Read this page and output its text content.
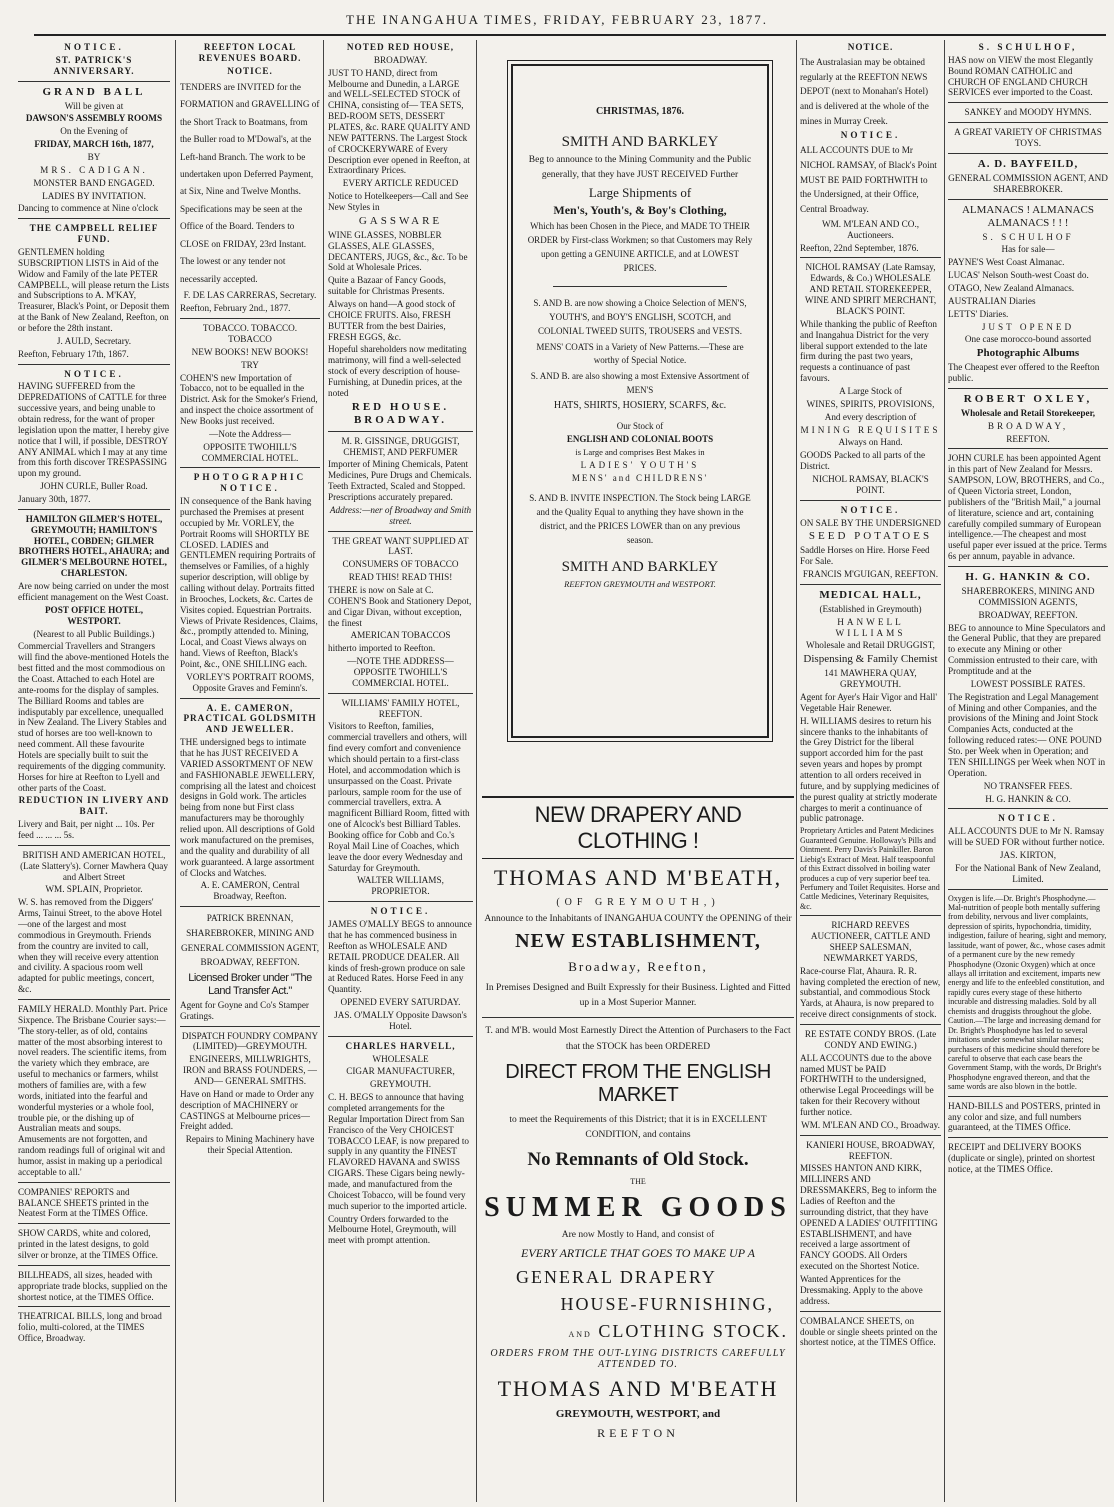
THE INANGAHUA TIMES, FRIDAY, FEBRUARY 23, 1877.

NOTICE.

ST. PATRICK'S ANNIVERSARY.

GRAND BALL

Will be given at

DAWSON'S ASSEMBLY ROOMS

On the Evening of

FRIDAY, MARCH 16th, 1877,

BY

MRS. CADIGAN.

MONSTER BAND ENGAGED.

LADIES BY INVITATION.

Dancing to commence at Nine o'clock

THE CAMPBELL RELIEF FUND.

GENTLEMEN holding SUBSCRIPTION LISTS in Aid of the Widow and Family of the late PETER CAMPBELL, will please return the Lists and Subscriptions to A. M'KAY, Treasurer, Black's Point, or Deposit them at the Bank of New Zealand, Reefton, on or before the 28th instant.

J. AULD, Secretary.

Reefton, February 17th, 1867.

NOTICE.

HAVING SUFFERED from the DEPREDATIONS of CATTLE for three successive years, and being unable to obtain redress, for the want of proper legislation upon the matter, I hereby give notice that I will, if possible, DESTROY ANY ANIMAL which I may at any time from this forth discover TRESPASSING upon my ground.

JOHN CURLE, Buller Road.

January 30th, 1877.

HAMILTON GILMER'S HOTEL, GREYMOUTH; HAMILTON'S HOTEL, COBDEN; GILMER BROTHERS HOTEL, AHAURA; and GILMER'S MELBOURNE HOTEL, CHARLESTON.

Are now being carried on under the most efficient management on the West Coast.

POST OFFICE HOTEL, WESTPORT.

(Nearest to all Public Buildings.)

Commercial Travellers and Strangers will find the above-mentioned Hotels the best fitted and the most commodious on the Coast. Attached to each Hotel are ante-rooms for the display of samples. The Billiard Rooms and tables are indisputably par excellence, unequalled in New Zealand. The Livery Stables and stud of horses are too well-known to need comment. All these favourite Hotels are specially built to suit the requirements of the digging community. Horses for hire at Reefton to Lyell and other parts of the Coast.

REDUCTION IN LIVERY AND BAIT.

Livery and Bait, per night ... 10s. Per feed ... ... ... 5s.

BRITISH AND AMERICAN HOTEL, (Late Slattery's). Corner Mawhera Quay and Albert Street

WM. SPLAIN, Proprietor.

W. S. has removed from the Diggers' Arms, Tainui Street, to the above Hotel—one of the largest and most commodious in Greymouth. Friends from the country are invited to call, when they will receive every attention and civility. A spacious room well adapted for public meetings, concert, &c.

FAMILY HERALD. Monthly Part. Price Sixpence. The Brisbane Courier says:— 'The story-teller, as of old, contains matter of the most absorbing interest to novel readers. The scientific items, from the variety which they embrace, are useful to mechanics or farmers, whilst mothers of families are, with a few words, initiated into the fearful and wonderful mysteries or a whole fool, trouble pie, or the dishing up of Australian meats and soups. Amusements are not forgotten, and random readings full of original wit and humor, assist in making up a periodical acceptable to all.'

COMPANIES' REPORTS and BALANCE SHEETS printed in the Neatest Form at the TIMES Office.

SHOW CARDS, white and colored, printed in the latest designs, to gold silver or bronze, at the TIMES Office.

BILLHEADS, all sizes, headed with appropriate trade blocks, supplied on the shortest notice, at the TIMES Office.

THEATRICAL BILLS, long and broad folio, multi-colored, at the TIMES Office, Broadway.

REEFTON LOCAL REVENUES BOARD.

NOTICE.

TENDERS are INVITED for the FORMATION and GRAVELLING of the Short Track to Boatmans, from the Buller road to M'Dowal's, at the Left-hand Branch. The work to be undertaken upon Deferred Payment, at Six, Nine and Twelve Months. Specifications may be seen at the Office of the Board. Tenders to CLOSE on FRIDAY, 23rd Instant. The lowest or any tender not necessarily accepted.

F. DE LAS CARRERAS, Secretary.

Reefton, February 2nd., 1877.

TOBACCO. TOBACCO. TOBACCO

NEW BOOKS! NEW BOOKS!

TRY

COHEN'S new Importation of Tobacco, not to be equalled in the District. Ask for the Smoker's Friend, and inspect the choice assortment of New Books just received.

—Note the Address—

OPPOSITE TWOHILL'S COMMERCIAL HOTEL.

PHOTOGRAPHIC NOTICE.

IN consequence of the Bank having purchased the Premises at present occupied by Mr. VORLEY, the Portrait Rooms will SHORTLY BE CLOSED. LADIES and GENTLEMEN requiring Portraits of themselves or Families, of a highly superior description, will oblige by calling without delay. Portraits fitted in Brooches, Lockets, &c. Cartes de Visites copied. Equestrian Portraits. Views of Private Residences, Claims, &c., promptly attended to. Mining, Local, and Coast Views always on hand. Views of Reefton, Black's Point, &c., ONE SHILLING each.

VORLEY'S PORTRAIT ROOMS, Opposite Graves and Feminn's.

A. E. CAMERON, PRACTICAL GOLDSMITH AND JEWELLER.

THE undersigned begs to intimate that he has JUST RECEIVED A VARIED ASSORTMENT OF NEW and FASHIONABLE JEWELLERY, comprising all the latest and choicest designs in Gold work. The articles being from none but First class manufacturers may be thoroughly relied upon. All descriptions of Gold work manufactured on the premises, and the quality and durability of all work guaranteed. A large assortment of Clocks and Watches.

A. E. CAMERON, Central Broadway, Reefton.

PATRICK BRENNAN, SHAREBROKER, MINING AND GENERAL COMMISSION AGENT, BROADWAY, REEFTON.

Licensed Broker under "The Land Transfer Act."

Agent for Goyne and Co's Stamper Gratings.

DISPATCH FOUNDRY COMPANY (LIMITED)—GREYMOUTH.

ENGINEERS, MILLWRIGHTS, IRON and BRASS FOUNDERS, —AND— GENERAL SMITHS.

Have on Hand or made to Order any description of MACHINERY or CASTINGS at Melbourne prices—Freight added.

Repairs to Mining Machinery have their Special Attention.

NOTED RED HOUSE,

BROADWAY.

JUST TO HAND, direct from Melbourne and Dunedin, a LARGE and WELL-SELECTED STOCK of CHINA, consisting of— TEA SETS, BED-ROOM SETS, DESSERT PLATES, &c. RARE QUALITY AND NEW PATTERNS. The Largest Stock of CROCKERYWARE of Every Description ever opened in Reefton, at Extraordinary Prices.

EVERY ARTICLE REDUCED

Notice to Hotelkeepers—Call and See New Styles in

GASSWARE

WINE GLASSES, NOBBLER GLASSES, ALE GLASSES, DECANTERS, JUGS, &c., &c. To be Sold at Wholesale Prices.

Quite a Bazaar of Fancy Goods, suitable for Christmas Presents.

Always on hand—A good stock of CHOICE FRUITS. Also, FRESH BUTTER from the best Dairies, FRESH EGGS, &c.

Hopeful shareholders now meditating matrimony, will find a well-selected stock of every description of house-Furnishing, at Dunedin prices, at the noted

RED HOUSE. BROADWAY.

M. R. GISSINGE, DRUGGIST, CHEMIST, AND PERFUMER

Importer of Mining Chemicals, Patent Medicines, Pure Drugs and Chemicals. Teeth Extracted, Scaled and Stopped. Prescriptions accurately prepared.

Address:—ner of Broadway and Smith street.

THE GREAT WANT SUPPLIED AT LAST.

CONSUMERS OF TOBACCO

READ THIS! READ THIS!

THERE is now on Sale at C. COHEN'S Book and Stationery Depot, and Cigar Divan, without exception, the finest

AMERICAN TOBACCOS

hitherto imported to Reefton.

—NOTE THE ADDRESS— OPPOSITE TWOHILL'S COMMERCIAL HOTEL.

WILLIAMS' FAMILY HOTEL, REEFTON.

Visitors to Reefton, families, commercial travellers and others, will find every comfort and convenience which should pertain to a first-class Hotel, and accommodation which is unsurpassed on the Coast. Private parlours, sample room for the use of commercial travellers, extra. A magnificent Billiard Room, fitted with one of Alcock's best Billiard Tables. Booking office for Cobb and Co.'s Royal Mail Line of Coaches, which leave the door every Wednesday and Saturday for Greymouth.

WALTER WILLIAMS, PROPRIETOR.

NOTICE.

JAMES O'MALLY BEGS to announce that he has commenced business in Reefton as WHOLESALE AND RETAIL PRODUCE DEALER. All kinds of fresh-grown produce on sale at Reduced Rates. Horse Feed in any Quantity.

OPENED EVERY SATURDAY.

JAS. O'MALLY Opposite Dawson's Hotel.

CHARLES HARVELL,

WHOLESALE

CIGAR MANUFACTURER,

GREYMOUTH.

C. H. BEGS to announce that having completed arrangements for the Regular Importation Direct from San Francisco of the Very CHOICEST TOBACCO LEAF, is now prepared to supply in any quantity the FINEST FLAVORED HAVANA and SWISS CIGARS. These Cigars being newly-made, and manufactured from the Choicest Tobacco, will be found very much superior to the imported article.

Country Orders forwarded to the Melbourne Hotel, Greymouth, will meet with prompt attention.

CHRISTMAS, 1876.

SMITH AND BARKLEY

Beg to announce to the Mining Community and the Public generally, that they have JUST RECEIVED Further

Large Shipments of

Men's, Youth's, & Boy's Clothing,

Which has been Chosen in the Piece, and MADE TO THEIR ORDER by First-class Workmen; so that Customers may Rely upon getting a GENUINE ARTICLE, and at LOWEST PRICES.

S. AND B. are now showing a Choice Selection of MEN'S, YOUTH'S, and BOY'S ENGLISH, SCOTCH, and COLONIAL TWEED SUITS, TROUSERS and VESTS.

MENS' COATS in a Variety of New Patterns.—These are worthy of Special Notice.

S. AND B. are also showing a most Extensive Assortment of MEN'S

HATS, SHIRTS, HOSIERY, SCARFS, &c.

Our Stock of

ENGLISH AND COLONIAL BOOTS

is Large and comprises Best Makes in

LADIES' YOUTH'S

MENS' and CHILDRENS'

S. AND B. INVITE INSPECTION. The Stock being LARGE and the Quality Equal to anything they have shown in the district, and the PRICES LOWER than on any previous season.

SMITH AND BARKLEY

REEFTON GREYMOUTH and WESTPORT.

NEW DRAPERY AND CLOTHING !

THOMAS AND M'BEATH,

(OF GREYMOUTH,)

Announce to the Inhabitants of INANGAHUA COUNTY the OPENING of their

NEW ESTABLISHMENT,

Broadway, Reefton,

In Premises Designed and Built Expressly for their Business. Lighted and Fitted up in a Most Superior Manner.

T. and M'B. would Most Earnestly Direct the Attention of Purchasers to the Fact that the STOCK has been ORDERED

DIRECT FROM THE ENGLISH MARKET

to meet the Requirements of this District; that it is in EXCELLENT CONDITION, and contains

No Remnants of Old Stock.

THE

SUMMER GOODS

Are now Mostly to Hand, and consist of

EVERY ARTICLE THAT GOES TO MAKE UP A

GENERAL DRAPERY

HOUSE-FURNISHING,

AND CLOTHING STOCK.

ORDERS FROM THE OUT-LYING DISTRICTS CAREFULLY ATTENDED TO.

THOMAS AND M'BEATH

GREYMOUTH, WESTPORT, and

REEFTON

NOTICE.

The Australasian may be obtained regularly at the REEFTON NEWS DEPOT (next to Monahan's Hotel) and is delivered at the whole of the mines in Murray Creek.

NOTICE.

ALL ACCOUNTS DUE to Mr NICHOL RAMSAY, of Black's Point MUST BE PAID FORTHWITH to the Undersigned, at their Office, Central Broadway.

WM. M'LEAN AND CO., Auctioneers.

Reefton, 22nd September, 1876.

NICHOL RAMSAY (Late Ramsay, Edwards, & Co.) WHOLESALE AND RETAIL STOREKEEPER, WINE AND SPIRIT MERCHANT, BLACK'S POINT.

While thanking the public of Reefton and Inangahua District for the very liberal support extended to the late firm during the past two years, requests a continuance of past favours.

A Large Stock of

WINES, SPIRITS, PROVISIONS,

And every description of

MINING REQUISITES

Always on Hand.

GOODS Packed to all parts of the District.

NICHOL RAMSAY, BLACK'S POINT.

NOTICE.

ON SALE BY THE UNDERSIGNED

SEED POTATOES

Saddle Horses on Hire. Horse Feed For Sale.

FRANCIS M'GUIGAN, REEFTON.

MEDICAL HALL,

(Established in Greymouth)

HANWELL WILLIAMS

Wholesale and Retail DRUGGIST,

Dispensing & Family Chemist

141 MAWHERA QUAY, GREYMOUTH.

Agent for Ayer's Hair Vigor and Hall' Vegetable Hair Renewer.

H. WILLIAMS desires to return his sincere thanks to the inhabitants of the Grey District for the liberal support accorded him for the past seven years and hopes by prompt attention to all orders received in future, and by supplying medicines of the purest quality at strictly moderate charges to merit a continuance of public patronage.

Proprietary Articles and Patent Medicines Guaranteed Genuine. Holloway's Pills and Ointment. Perry Davis's Painkiller. Baron Liebig's Extract of Meat. Half teaspoonful of this Extract dissolved in boiling water produces a cup of very superior beef tea. Perfumery and Toilet Requisites. Horse and Cattle Medicines, Veterinary Requisites, &c.

RICHARD REEVES AUCTIONEER, CATTLE AND SHEEP SALESMAN, NEWMARKET YARDS,

Race-course Flat, Ahaura. R. R. having completed the erection of new, substantial, and commodious Stock Yards, at Ahaura, is now prepared to receive direct consignments of stock.

RE ESTATE CONDY BROS. (Late CONDY AND EWING.)

ALL ACCOUNTS due to the above named MUST be PAID FORTHWITH to the undersigned, otherwise Legal Proceedings will be taken for their Recovery without further notice.

WM. M'LEAN AND CO., Broadway.

KANIERI HOUSE, BROADWAY, REEFTON.

MISSES HANTON AND KIRK, MILLINERS AND DRESSMAKERS, Beg to inform the Ladies of Reefton and the surrounding district, that they have OPENED A LADIES' OUTFITTING ESTABLISHMENT, and have received a large assortment of FANCY GOODS. All Orders executed on the Shortest Notice.

Wanted Apprentices for the Dressmaking. Apply to the above address.

COMBALANCE SHEETS, on double or single sheets printed on the shortest notice, at the TIMES Office.

S. SCHULHOF,

HAS now on VIEW the most Elegantly Bound ROMAN CATHOLIC and CHURCH OF ENGLAND CHURCH SERVICES ever imported to the Coast.

SANKEY and MOODY HYMNS.

A GREAT VARIETY OF CHRISTMAS TOYS.

A. D. BAYFEILD,

GENERAL COMMISSION AGENT, AND SHAREBROKER.

ALMANACS ! ALMANACS ALMANACS ! ! !

S. SCHULHOF

Has for sale—

PAYNE'S West Coast Almanac.

LUCAS' Nelson South-west Coast do.

OTAGO, New Zealand Almanacs.

AUSTRALIAN Diaries

LETTS' Diaries.

JUST OPENED

One case morocco-bound assorted

Photographic Albums

The Cheapest ever offered to the Reefton public.

ROBERT OXLEY,

Wholesale and Retail Storekeeper,

BROADWAY,

REEFTON.

JOHN CURLE has been appointed Agent in this part of New Zealand for Messrs. SAMPSON, LOW, BROTHERS, and Co., of Queen Victoria street, London, publishers of the "British Mail," a journal of literature, science and art, containing carefully compiled summary of European intelligence.—The cheapest and most useful paper ever issued at the price. Terms 6s per annum, payable in advance.

H. G. HANKIN & CO.

SHAREBROKERS, MINING AND COMMISSION AGENTS,

BROADWAY, REEFTON.

BEG to announce to Mine Speculators and the General Public, that they are prepared to execute any Mining or other Commission entrusted to their care, with Promptitude and at the

LOWEST POSSIBLE RATES.

The Registration and Legal Management of Mining and other Companies, and the provisions of the Mining and Joint Stock Companies Acts, conducted at the following reduced rates:— ONE POUND Sto. per Week when in Operation; and TEN SHILLINGS per Week when NOT in Operation.

NO TRANSFER FEES.

H. G. HANKIN & CO.

NOTICE.

ALL ACCOUNTS DUE to Mr N. Ramsay will be SUED FOR without further notice.

JAS. KIRTON,

For the National Bank of New Zealand, Limited.

Oxygen is life.—Dr. Bright's Phosphodyne.—Mal-nutrition of people both mentally suffering from debility, nervous and liver complaints, depression of spirits, hypochondria, timidity, indigestion, failure of hearing, sight and memory, lassitude, want of power, &c., whose cases admit of a permanent cure by the new remedy Phosphodyne (Ozonic Oxygen) which at once allays all irritation and excitement, imparts new energy and life to the enfeebled constitution, and rapidly cures every stage of these hitherto incurable and distressing maladies. Sold by all chemists and druggists throughout the globe. Caution.—The large and increasing demand for Dr. Bright's Phosphodyne has led to several imitations under somewhat similar names; purchasers of this medicine should therefore be careful to observe that each case bears the Government Stamp, with the words, Dr Bright's Phosphodyne engraved thereon, and that the same words are also blown in the bottle.

HAND-BILLS and POSTERS, printed in any color and size, and full numbers guaranteed, at the TIMES Office.

RECEIPT and DELIVERY BOOKS (duplicate or single), printed on shortest notice, at the TIMES Office.
